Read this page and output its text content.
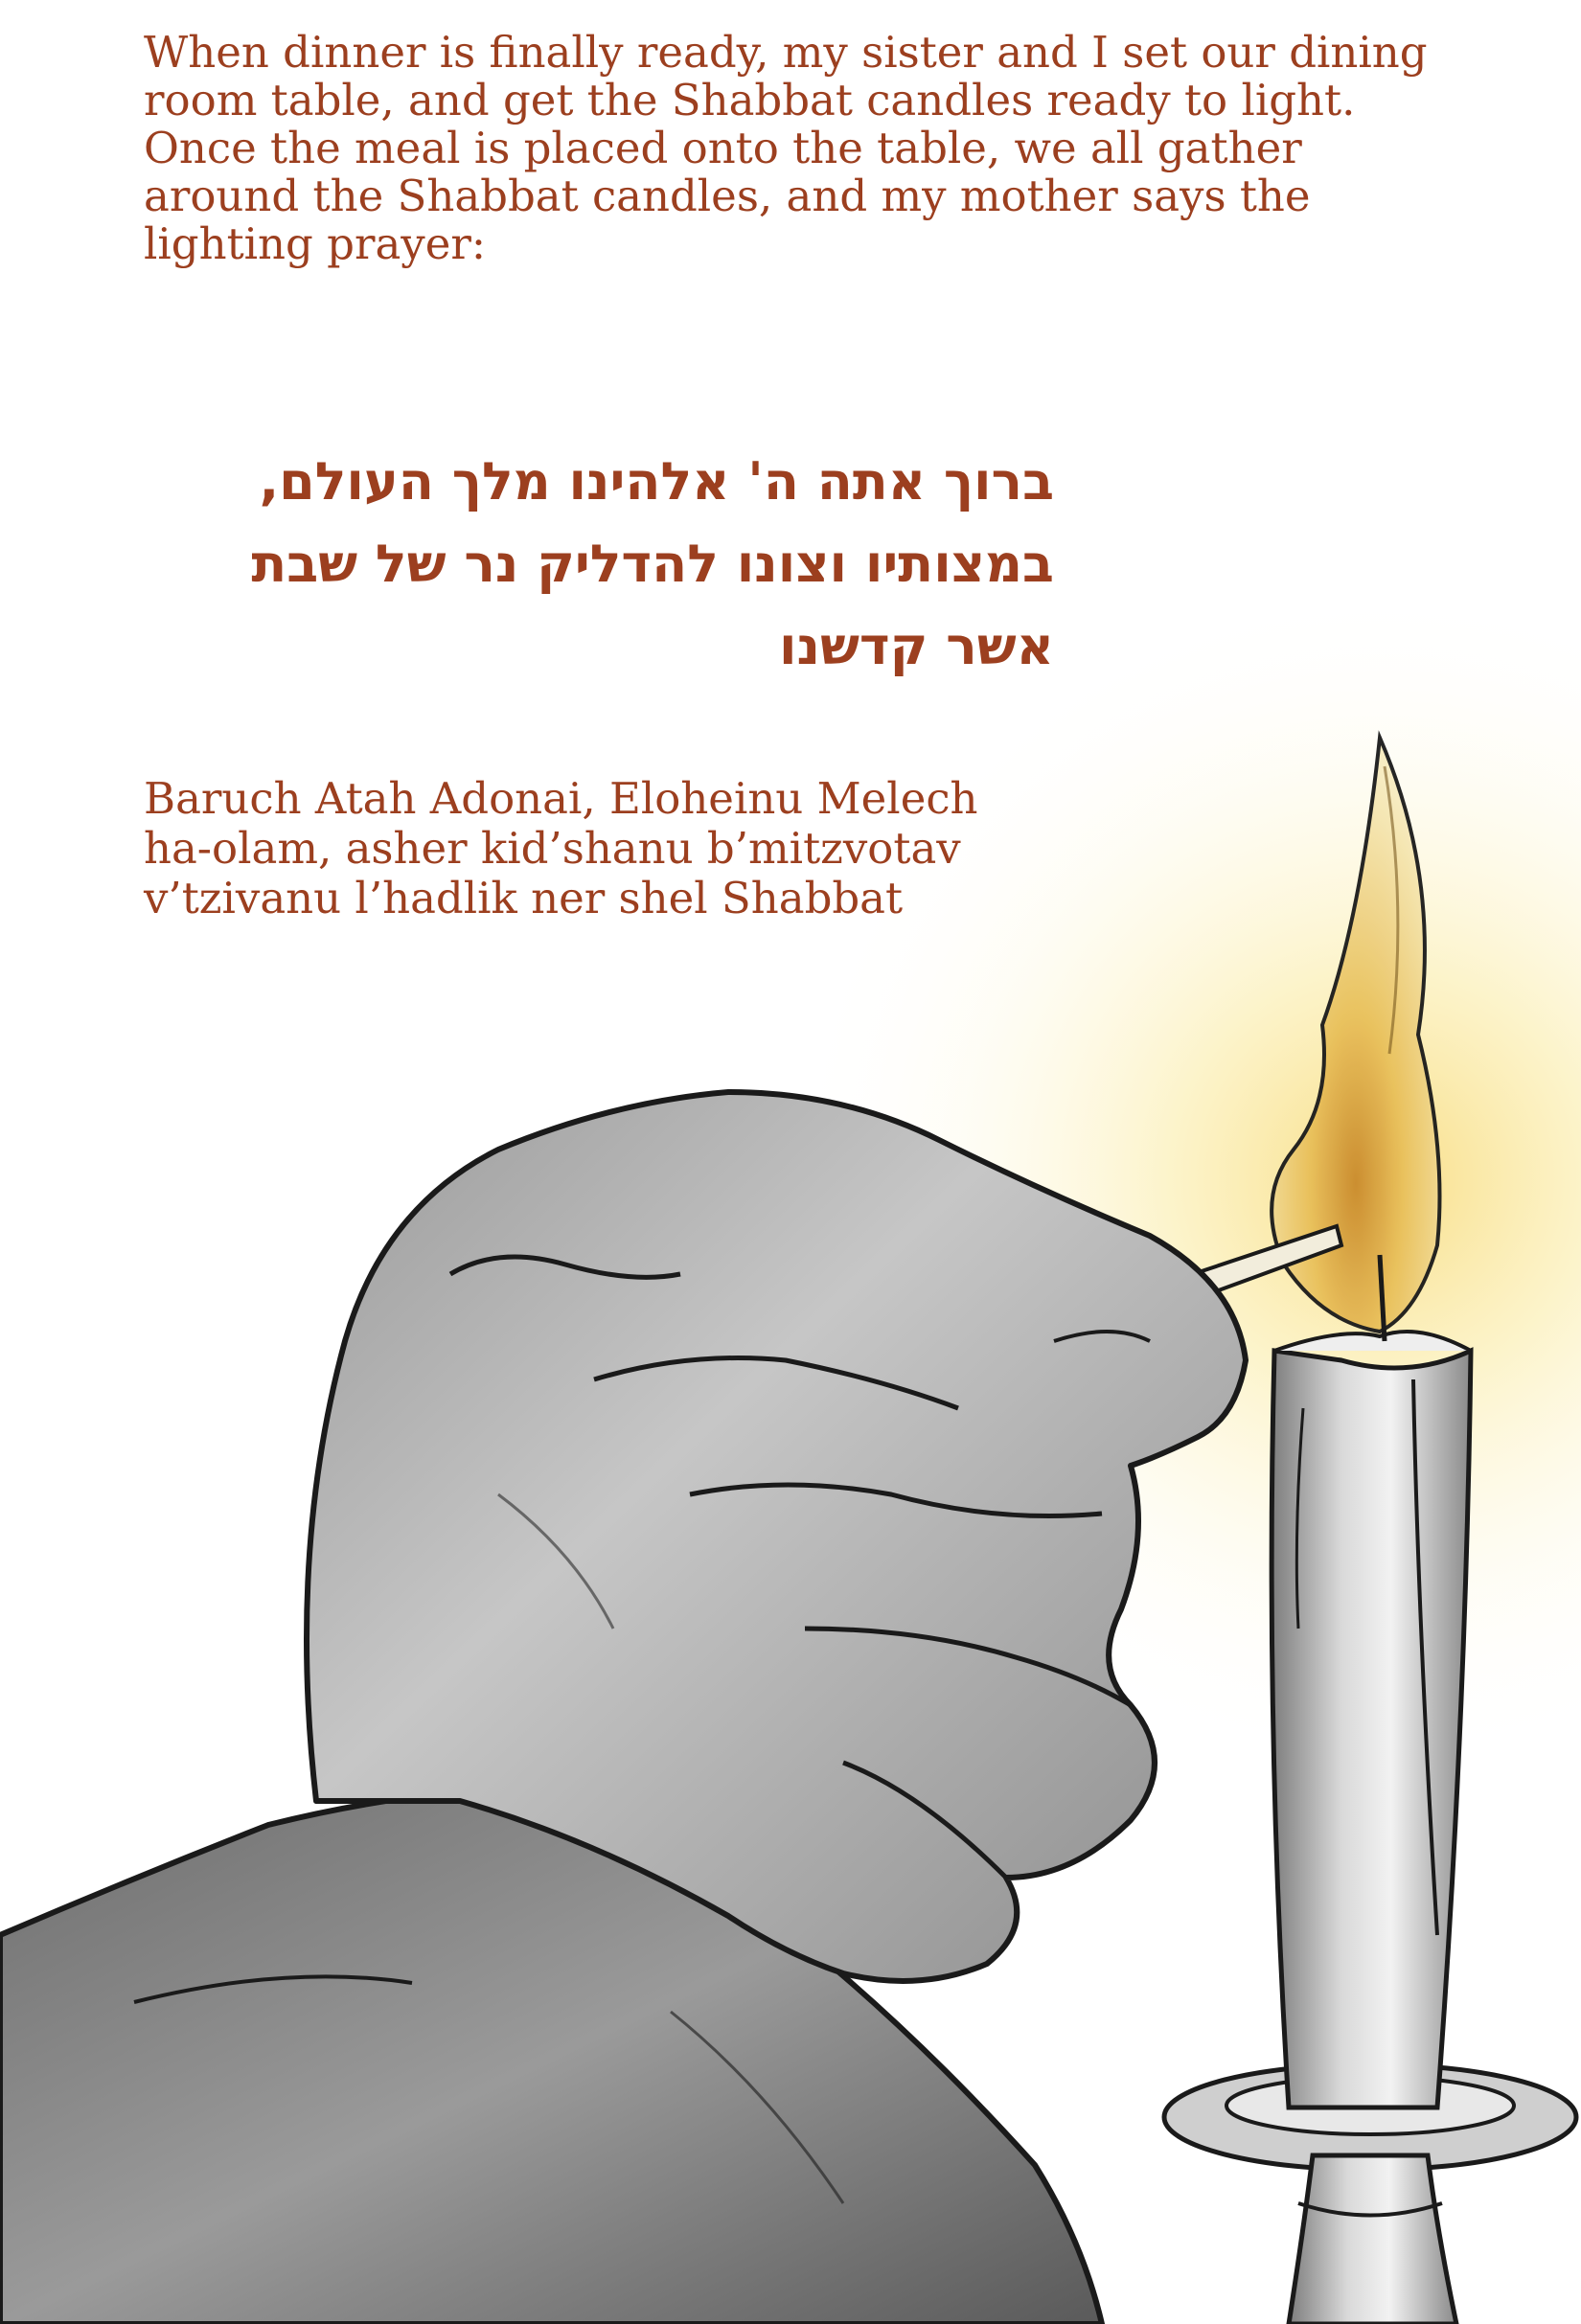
When dinner is finally ready, my sister and I set our dining room table, and get the Shabbat candles ready to light. Once the meal is placed onto the table, we all gather around the Shabbat candles, and my mother says the lighting prayer:

ברוך אתה ה' אלהינו מלך העולם,
במצותיו וצונו להדליק נר של שבת
אשר קדשנו
Baruch Atah Adonai, Eloheinu Melech
ha-olam, asher kid’shanu b’mitzvotav
v’tzivanu l’hadlik ner shel Shabbat
